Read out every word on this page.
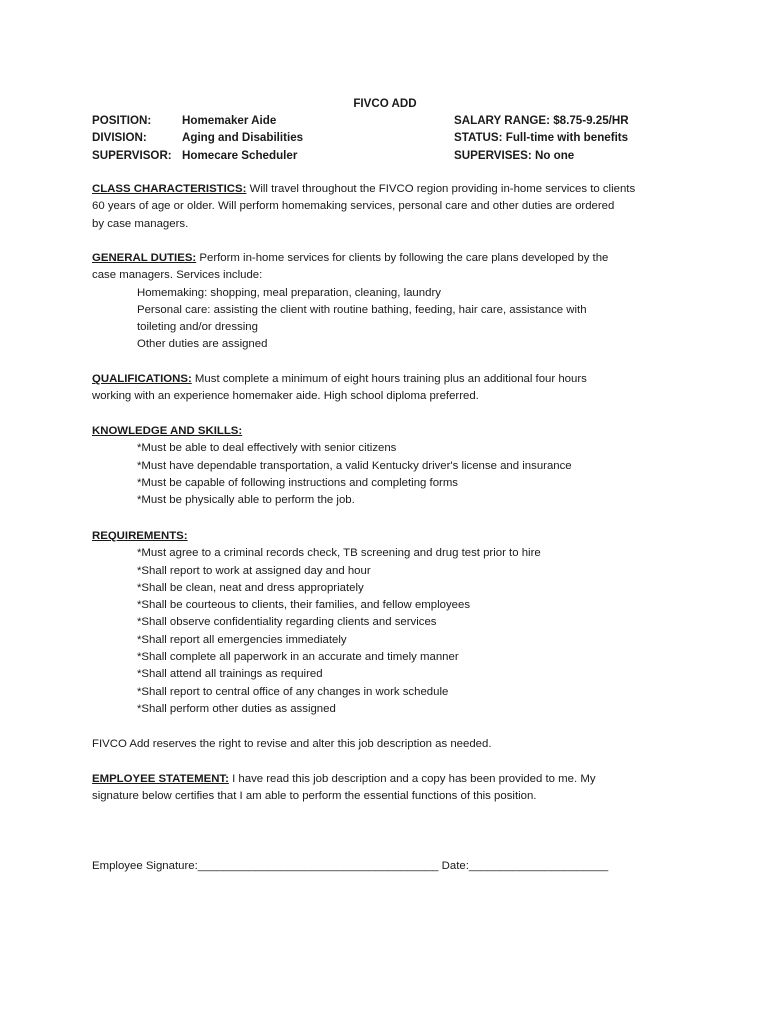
FIVCO ADD
POSITION:	Homemaker Aide
DIVISION:	Aging and Disabilities
SUPERVISOR: Homecare Scheduler
SALARY RANGE: $8.75-9.25/HR
STATUS: Full-time with benefits
SUPERVISES: No one
CLASS CHARACTERISTICS: Will travel throughout the FIVCO region providing in-home services to clients
60 years of age or older. Will perform homemaking services, personal care and other duties are ordered
by case managers.
GENERAL DUTIES: Perform in-home services for clients by following the care plans developed by the
case managers. Services include:
Homemaking: shopping, meal preparation, cleaning, laundry
Personal care: assisting the client with routine bathing, feeding, hair care, assistance with
toileting and/or dressing
Other duties are assigned
QUALIFICATIONS: Must complete a minimum of eight hours training plus an additional four hours
working with an experience homemaker aide. High school diploma preferred.
KNOWLEDGE AND SKILLS:
*Must be able to deal effectively with senior citizens
*Must have dependable transportation, a valid Kentucky driver's license and insurance
*Must be capable of following instructions and completing forms
*Must be physically able to perform the job.
REQUIREMENTS:
*Must agree to a criminal records check, TB screening and drug test prior to hire
*Shall report to work at assigned day and hour
*Shall be clean, neat and dress appropriately
*Shall be courteous to clients, their families, and fellow employees
*Shall observe confidentiality regarding clients and services
*Shall report all emergencies immediately
*Shall complete all paperwork in an accurate and timely manner
*Shall attend all trainings as required
*Shall report to central office of any changes in work schedule
*Shall perform other duties as assigned
FIVCO Add reserves the right to revise and alter this job description as needed.
EMPLOYEE STATEMENT: I have read this job description and a copy has been provided to me. My
signature below certifies that I am able to perform the essential functions of this position.
Employee Signature:______________________________________ Date:______________________
